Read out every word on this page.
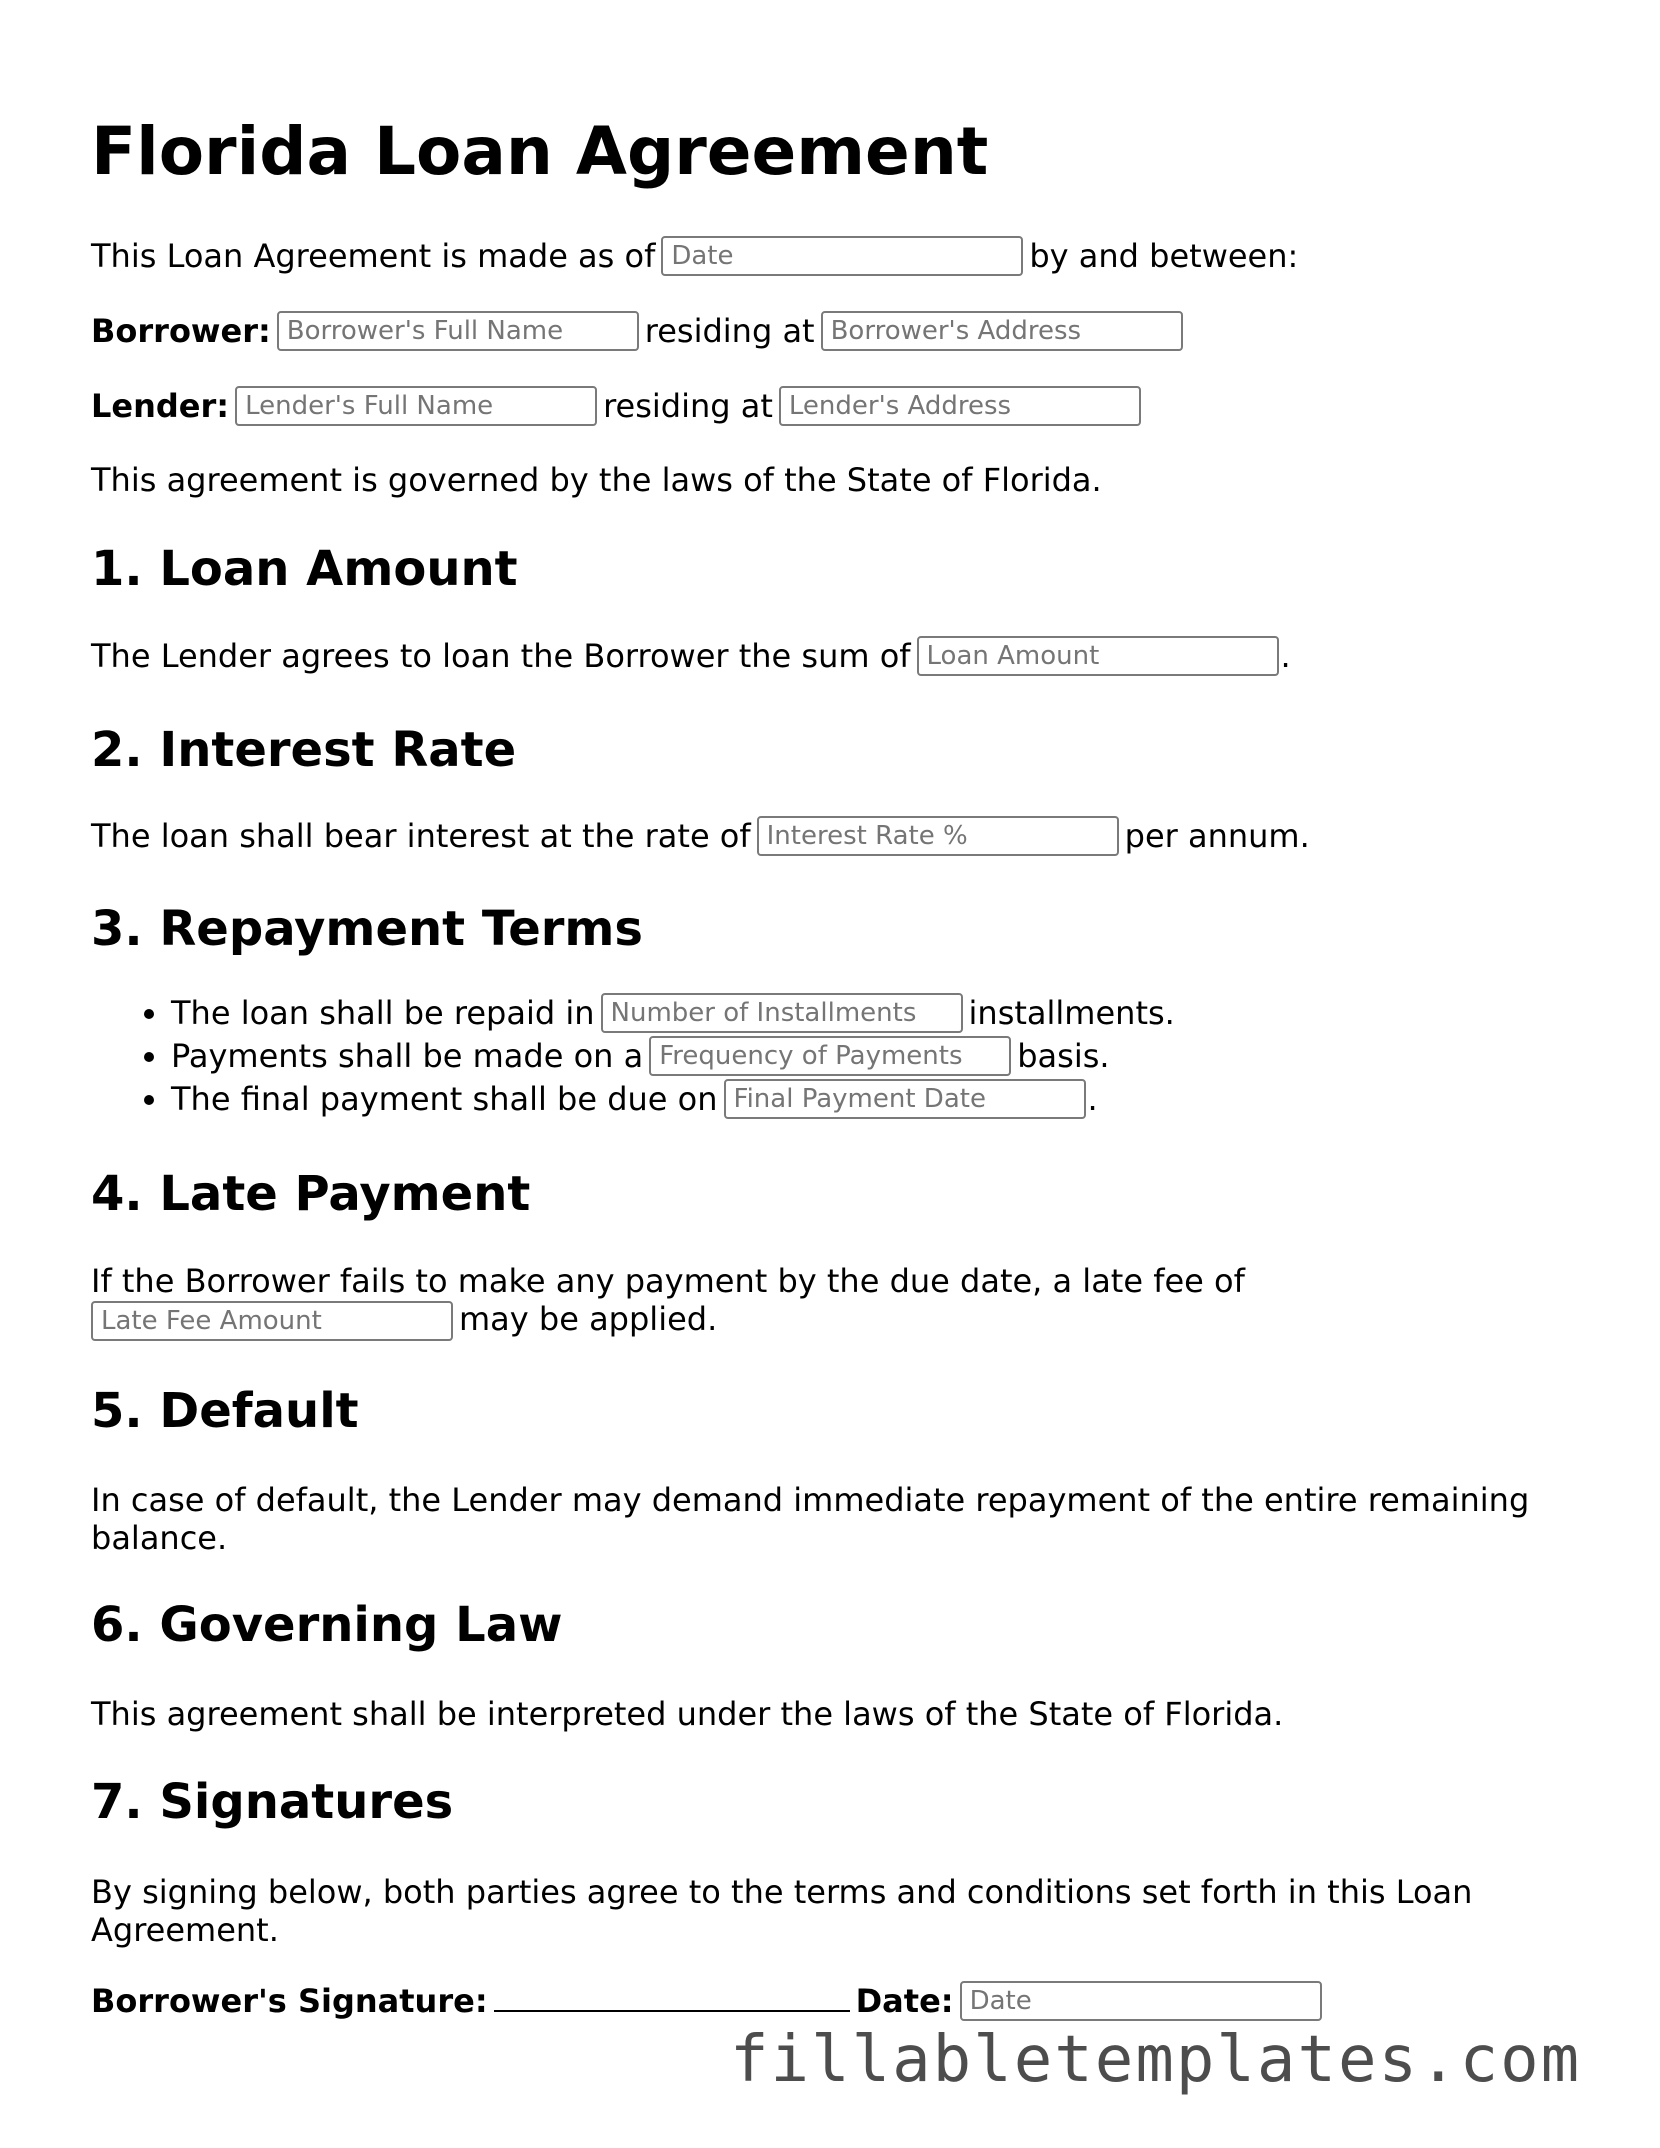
Florida Loan Agreement

This Loan Agreement is made as ofDate	by and between:

Borrower:Borrower's Full Name	residing atBorrower's Address

Lender:Lender's Full Name	residing atLender's Address

This agreement is governed by the laws of the State of Florida.

1. Loan Amount

The Lender agrees to loan the Borrower the sum ofLoan Amount	.

2. Interest Rate

The loan shall bear interest at the rate ofInterest Rate %	per annum.

3. Repayment Terms
• The loan shall be repaid inNumber of Installments	installments.
• Payments shall be made on aFrequency of Payments	basis.
• The final payment shall be due onFinal Payment Date	.
4. Late Payment

If the Borrower fails to make any payment by the due date, a late fee of
Late Fee Amountmay be applied.

5. Default

In case of default, the Lender may demand immediate repayment of the entire remaining balance.

6. Governing Law

This agreement shall be interpreted under the laws of the State of Florida.

7. Signatures

By signing below, both parties agree to the terms and conditions set forth in this Loan Agreement.

Borrower's Signature:	Date:Date

fillabletemplates.com
